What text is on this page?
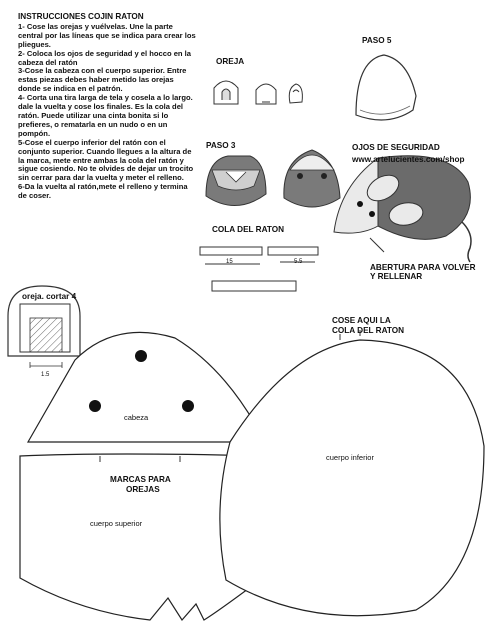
INSTRUCCIONES COJIN RATON

1- Cose las orejas y vuélvelas. Une la parte central por las líneas que se indica para crear los pliegues.

2- Coloca los ojos de seguridad y el hocco en la cabeza del ratón

3-Cose la cabeza con el cuerpo superior. Entre estas piezas debes haber metido las orejas donde se indica en el patrón.

4- Corta una tira larga de tela y cosela a lo largo. dale la vuelta y cose los finales. Es la cola del ratón. Puede utilizar una cinta bonita si lo prefieres, o rematarla en un nudo o en un pompón.

5-Cose el cuerpo inferior del ratón con el conjunto superior. Cuando llegues a la altura de la marca, mete entre ambas la cola del ratón y sigue cosiendo. No te olvides de dejar un trocito sin cerrar para dar la vuelta y meter el relleno.

6-Da la vuelta al ratón,mete el relleno y termina de coser.

OREJA
PASO 5
PASO 3	OJOS DE SEGURIDAD
www.artelucientes.com/shop
COLA DEL RATON
15	5.5
ABERTURA PARA VOLVER
Y RELLENAR
oreja. cortar 4
1.5
COSE AQUI LA
COLA DEL RATON
cabeza
MARCAS PARA
OREJAS
cuerpo superior
cuerpo inferior
